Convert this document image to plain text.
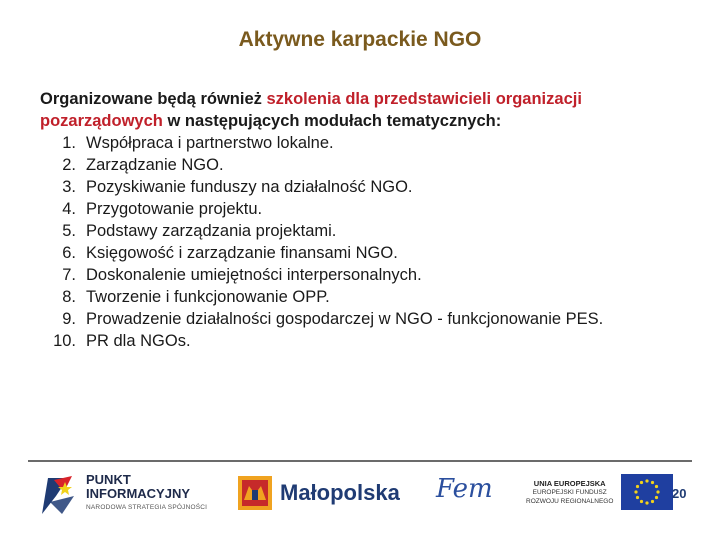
Aktywne karpackie NGO
Organizowane będą również szkolenia dla przedstawicieli organizacji pozarządowych w następujących modułach tematycznych:
1. Współpraca i partnerstwo lokalne.
2. Zarządzanie NGO.
3. Pozyskiwanie funduszy na działalność NGO.
4. Przygotowanie projektu.
5. Podstawy zarządzania projektami.
6. Księgowość i zarządzanie finansami NGO.
7. Doskonalenie umiejętności interpersonalnych.
8. Tworzenie i funkcjonowanie OPP.
9. Prowadzenie działalności gospodarczej w NGO - funkcjonowanie PES.
10. PR dla NGOs.
PUNKT
INFORMACYJNY
NARODOWA STRATEGIA SPÓJNOŚCI
Małopolska Fem	UNIA EUROPEJSKA
EUROPEJSKI FUNDUSZ
ROZWOJU REGIONALNEGO	20
